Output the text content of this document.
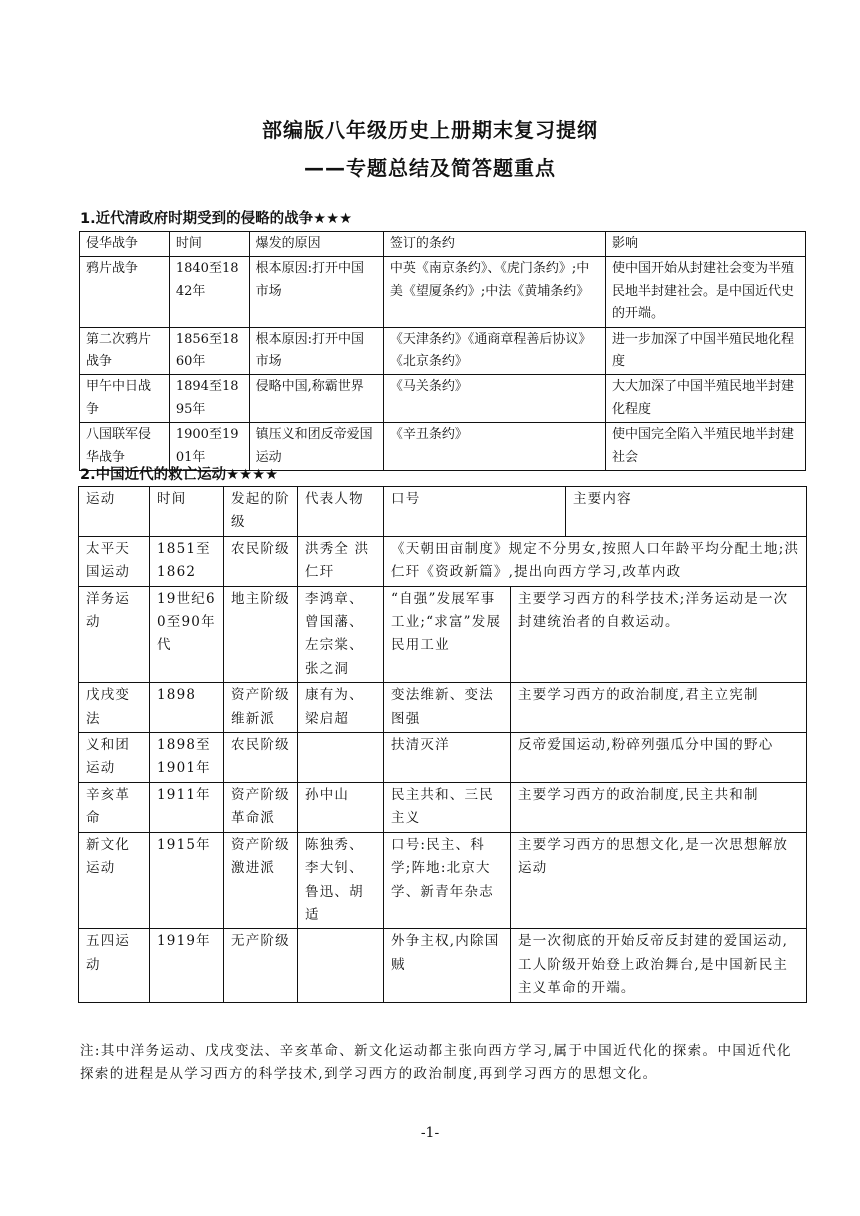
部编版八年级历史上册期末复习提纲
——专题总结及简答题重点
1.近代清政府时期受到的侵略的战争★★★
侵华战争	时间	爆发的原因	签订的条约	影响
鸦片战争	1840至1842年	根本原因:打开中国市场	中英《南京条约》、《虎门条约》;中美《望厦条约》;中法《黄埔条约》	使中国开始从封建社会变为半殖民地半封建社会。是中国近代史的开端。
第二次鸦片战争	1856至1860年	根本原因:打开中国市场	《天津条约》《通商章程善后协议》《北京条约》	进一步加深了中国半殖民地化程度
甲午中日战争	1894至1895年	侵略中国,称霸世界	《马关条约》	大大加深了中国半殖民地半封建化程度
八国联军侵华战争	1900至1901年	镇压义和团反帝爱国运动	《辛丑条约》	使中国完全陷入半殖民地半封建社会
2.中国近代的救亡运动★★★★
运动	时间	发起的阶级	代表人物	口号		主要内容
太平天国运动	1851至1862	农民阶级	洪秀全 洪仁玕	《天朝田亩制度》规定不分男女,按照人口年龄平均分配土地;洪仁玕《资政新篇》,提出向西方学习,改革内政		
洋务运动	19世纪60至90年代	地主阶级	李鸿章、曾国藩、左宗棠、张之洞	“自强”发展军事工业;“求富”发展民用工业	主要学习西方的科学技术;洋务运动是一次封建统治者的自救运动。	
戊戌变法	1898	资产阶级维新派	康有为、梁启超	变法维新、变法图强	主要学习西方的政治制度,君主立宪制	
义和团运动	1898至1901年	农民阶级		扶清灭洋	反帝爱国运动,粉碎列强瓜分中国的野心	
辛亥革命	1911年	资产阶级革命派	孙中山	民主共和、三民主义	主要学习西方的政治制度,民主共和制	
新文化运动	1915年	资产阶级激进派	陈独秀、李大钊、鲁迅、胡适	口号:民主、科学;阵地:北京大学、新青年杂志	主要学习西方的思想文化,是一次思想解放运动	
五四运动	1919年	无产阶级		外争主权,内除国贼	是一次彻底的开始反帝反封建的爱国运动,工人阶级开始登上政治舞台,是中国新民主主义革命的开端。	
注:其中洋务运动、戊戌变法、辛亥革命、新文化运动都主张向西方学习,属于中国近代化的探索。中国近代化探索的进程是从学习西方的科学技术,到学习西方的政治制度,再到学习西方的思想文化。
-1-
